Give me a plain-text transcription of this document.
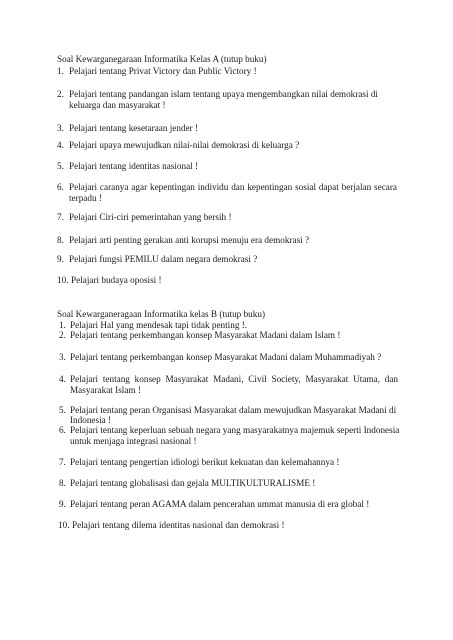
Soal Kewarganegaraan Informatika Kelas A (tutup buku)
1. Pelajari tentang Privat Victory dan Public Victory !
2. Pelajari tentang pandangan islam tentang upaya mengembangkan nilai demokrasi di
keluarga dan masyarakat !
3. Pelajari tentang kesetaraan jender !
4. Pelajari upaya mewujudkan nilai-nilai demokrasi di keluarga ?
5. Pelajari tentang identitas nasional !
6. Pelajari caranya agar kepentingan individu dan kepentingan sosial dapat berjalan secara
terpadu !
7. Pelajari Ciri-ciri pemerintahan yang bersih !
8. Pelajari arti penting gerakan anti korupsi menuju era demokrasi ?
9. Pelajari fungsi PEMILU dalam negara demokrasi ?
10. Pelajari budaya oposisi !
Soal Kewarganeragaan Informatika kelas B (tutup buku)
1. Pelajari Hal yang mendesak tapi tidak penting !.
2. Pelajari tentang perkembangan konsep Masyarakat Madani dalam Islam !
3. Pelajari tentang perkembangan konsep Masyarakat Madani dalam Muhammadiyah ?
4. Pelajari tentang konsep Masyarakat Madani, Civil Society, Masyarakat Utama, dan
Masyarakat Islam !
5. Pelajari tentang peran Organisasi Masyarakat dalam mewujudkan Masyarakat Madani di
Indonesia !
6. Pelajari tentang keperluan sebuah negara yang masyarakatnya majemuk seperti Indonesia
untuk menjaga integrasi nasional !
7. Pelajari tentang pengertian idiologi berikut kekuatan dan kelemahannya !
8. Pelajari tentang globalisasi dan gejala MULTIKULTURALISME !
9. Pelajari tentang peran AGAMA dalam pencerahan ummat manusia di era global !
10. Pelajari tentang dilema identitas nasional dan demokrasi !
